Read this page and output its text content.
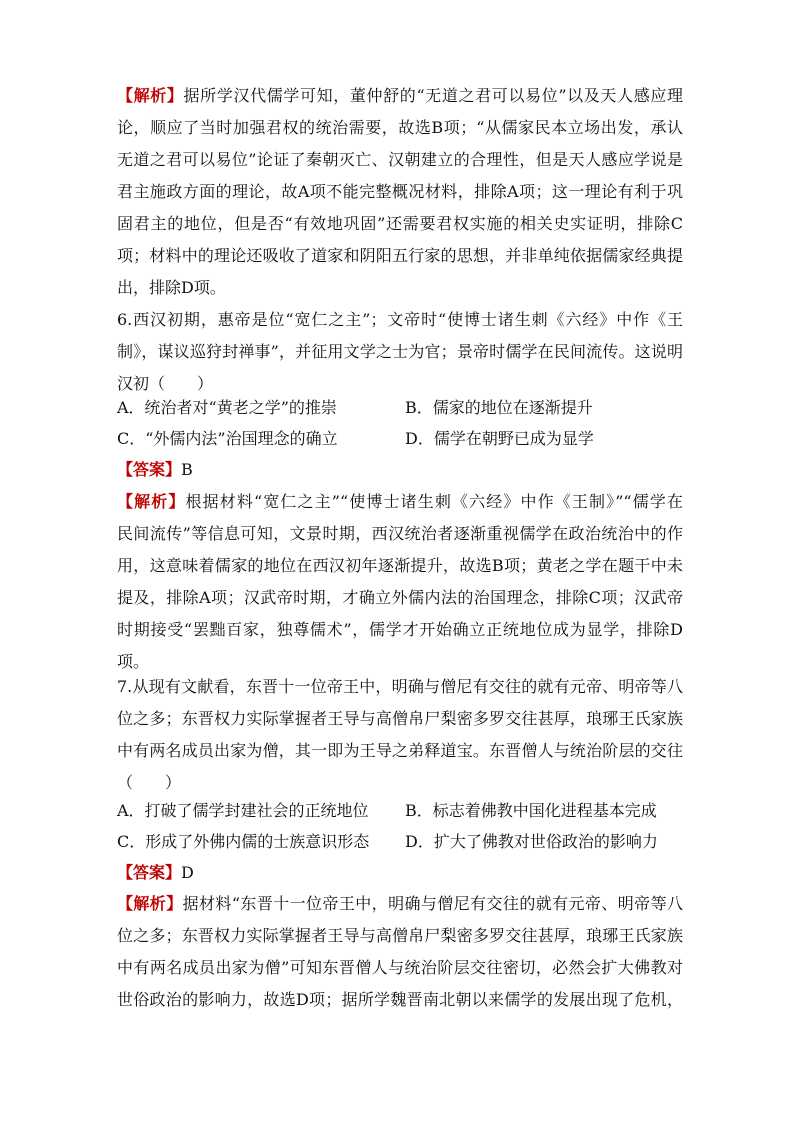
【解析】据所学汉代儒学可知，董仲舒的“无道之君可以易位”以及天人感应理
论，顺应了当时加强君权的统治需要，故选B项；“从儒家民本立场出发，承认
无道之君可以易位”论证了秦朝灭亡、汉朝建立的合理性，但是天人感应学说是
君主施政方面的理论，故A项不能完整概况材料，排除A项；这一理论有利于巩
固君主的地位，但是否“有效地巩固”还需要君权实施的相关史实证明，排除C
项；材料中的理论还吸收了道家和阴阳五行家的思想，并非单纯依据儒家经典提
出，排除D项。
6.西汉初期，惠帝是位“宽仁之主”；文帝时“使博士诸生刺《六经》中作《王
制》，谋议巡狩封禅事”，并征用文学之士为官；景帝时儒学在民间流传。这说明
汉初（　　）
A．统治者对“黄老之学”的推崇	B．儒家的地位在逐渐提升
C．“外儒内法”治国理念的确立	D．儒学在朝野已成为显学
【答案】B
【解析】根据材料“宽仁之主”“使博士诸生刺《六经》中作《王制》”“儒学在
民间流传”等信息可知，文景时期，西汉统治者逐渐重视儒学在政治统治中的作
用，这意味着儒家的地位在西汉初年逐渐提升，故选B项；黄老之学在题干中未
提及，排除A项；汉武帝时期，才确立外儒内法的治国理念，排除C项；汉武帝
时期接受“罢黜百家，独尊儒术”，儒学才开始确立正统地位成为显学，排除D
项。
7.从现有文献看，东晋十一位帝王中，明确与僧尼有交往的就有元帝、明帝等八
位之多；东晋权力实际掌握者王导与高僧帛尸梨密多罗交往甚厚，琅琊王氏家族
中有两名成员出家为僧，其一即为王导之弟释道宝。东晋僧人与统治阶层的交往
（　　）
A．打破了儒学封建社会的正统地位 B．标志着佛教中国化进程基本完成
C．形成了外佛内儒的士族意识形态 D．扩大了佛教对世俗政治的影响力
【答案】D
【解析】据材料“东晋十一位帝王中，明确与僧尼有交往的就有元帝、明帝等八
位之多；东晋权力实际掌握者王导与高僧帛尸梨密多罗交往甚厚，琅琊王氏家族
中有两名成员出家为僧”可知东晋僧人与统治阶层交往密切，必然会扩大佛教对
世俗政治的影响力，故选D项；据所学魏晋南北朝以来儒学的发展出现了危机，
